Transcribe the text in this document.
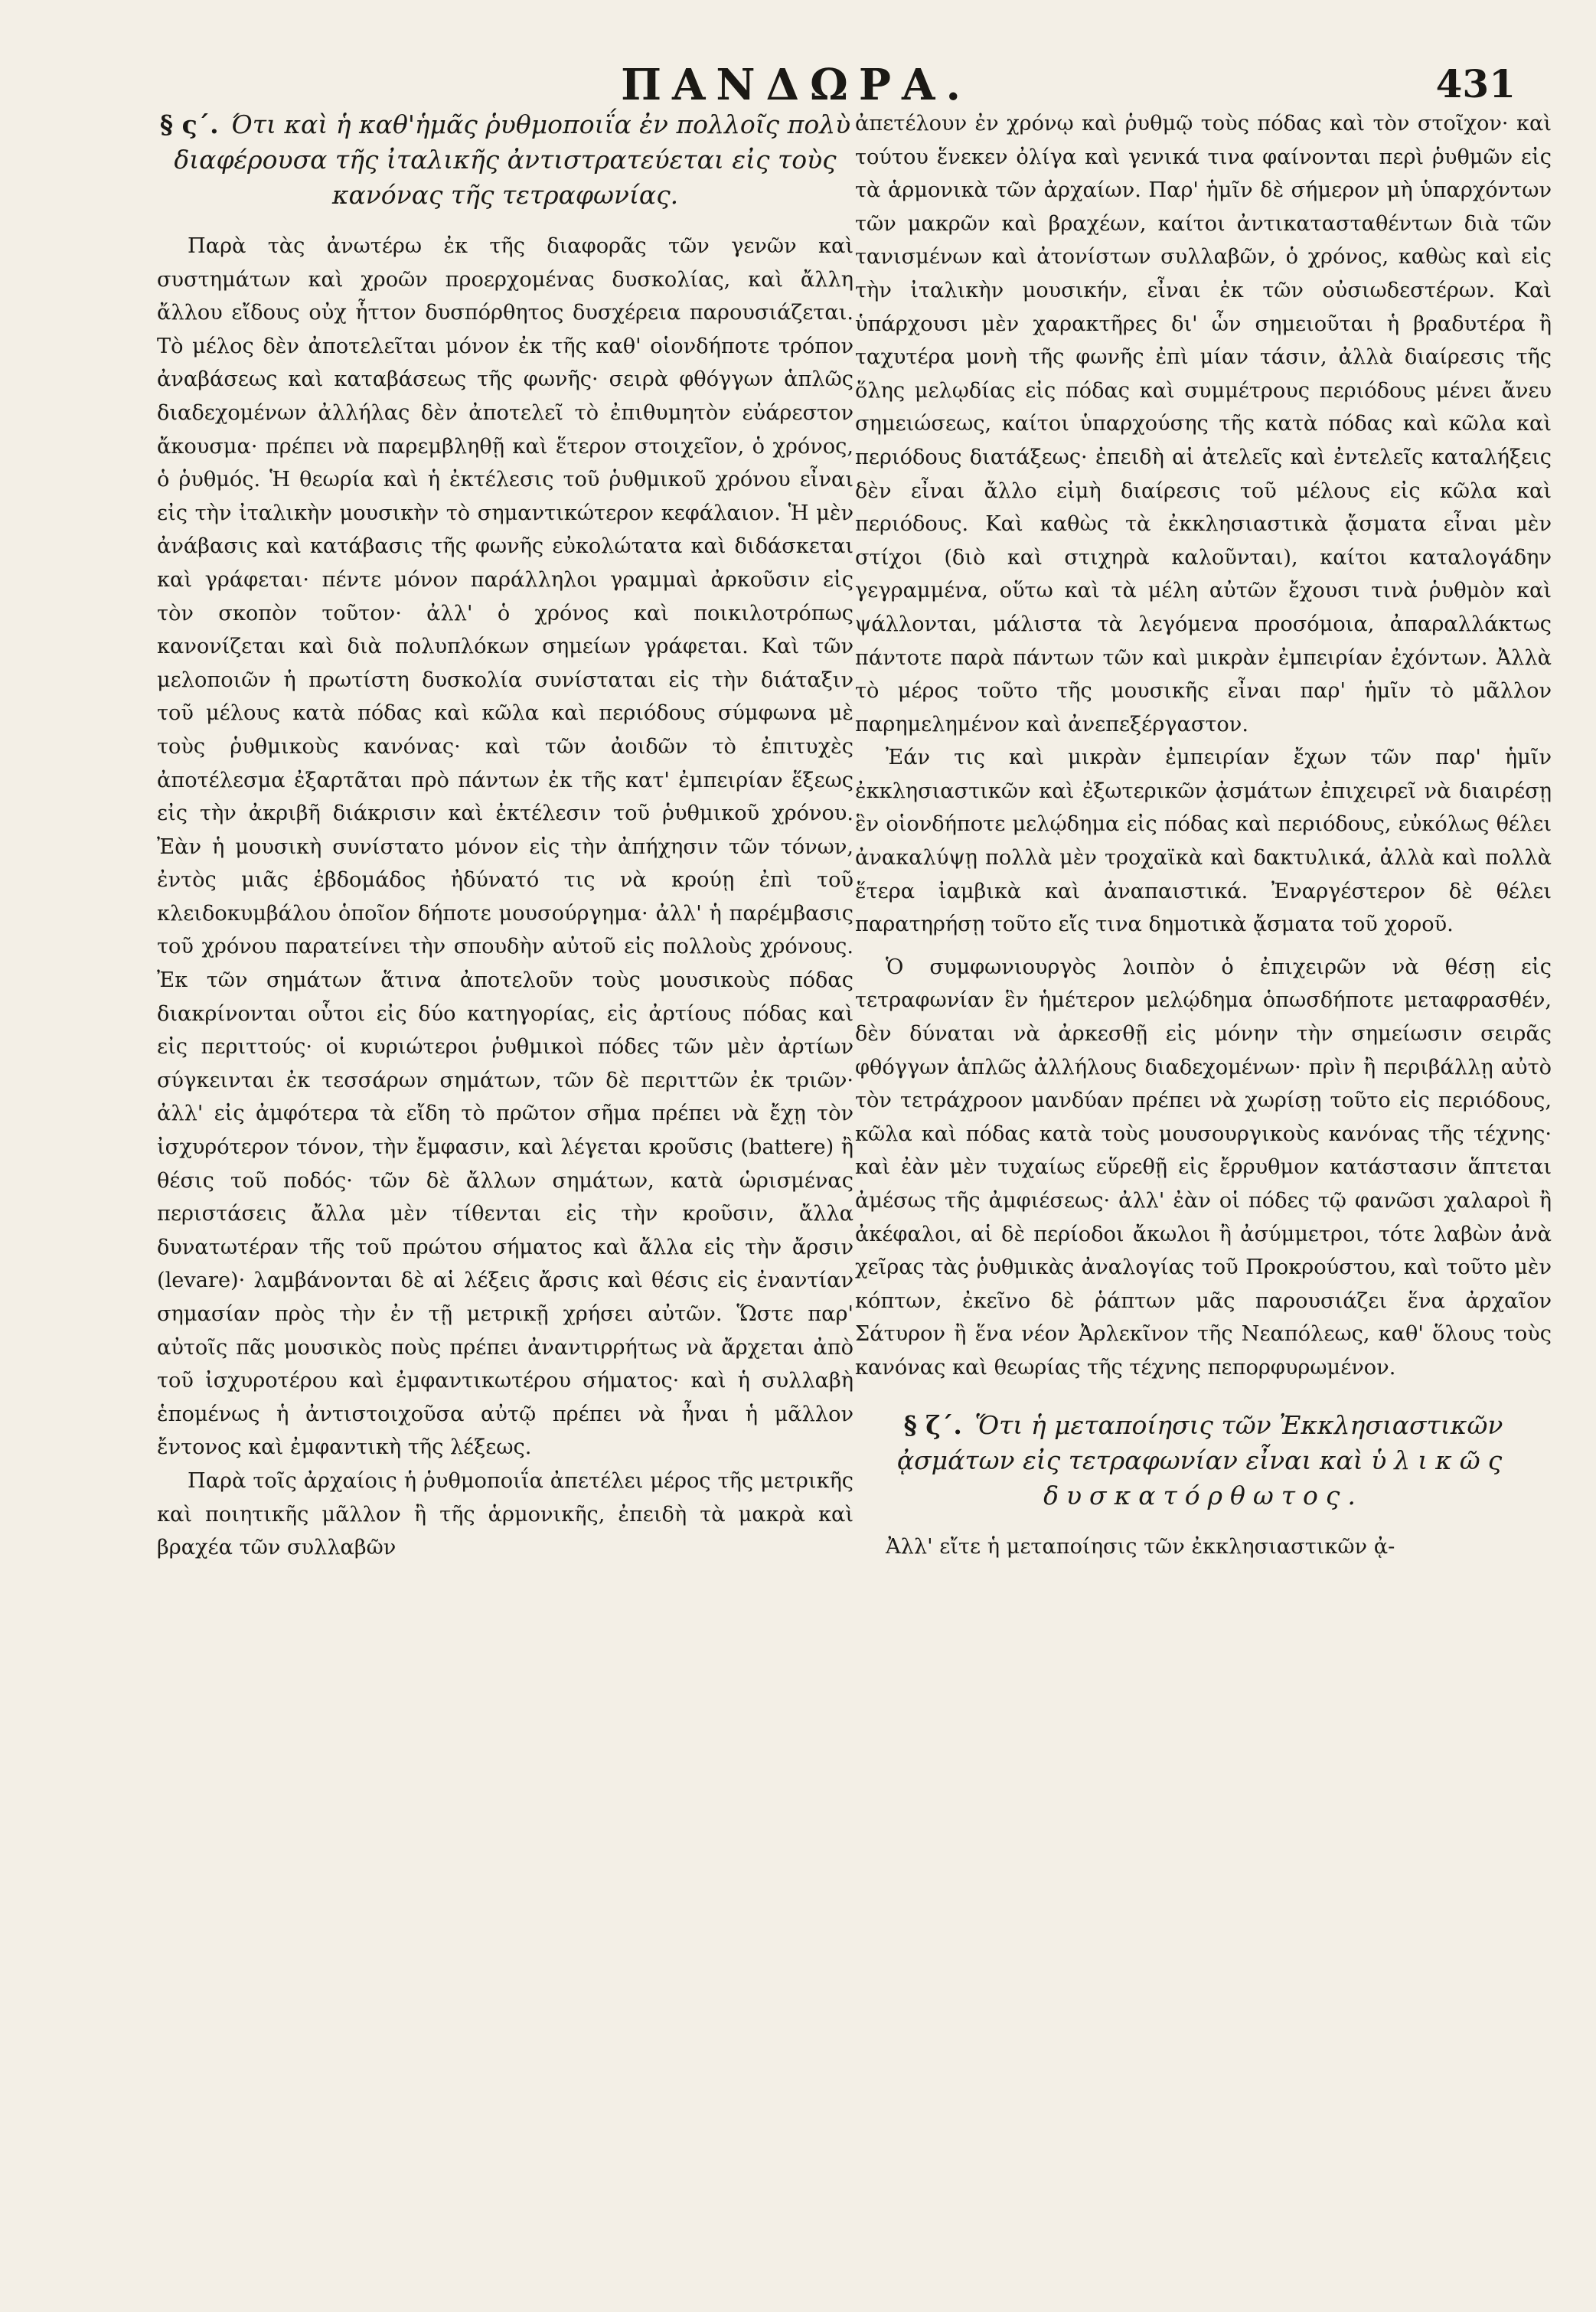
ΠΑΝΔΩΡΑ.	431
§ ς΄. Ότι καὶ ἡ καθ'ἡμᾶς ῥυθμοποιΐα ἐν πολλοῖς πολὺ διαφέρουσα τῆς ἰταλικῆς ἀντιστρατεύεται εἰς τοὺς κανόνας τῆς τετραφωνίας.

Παρὰ τὰς ἀνωτέρω ἐκ τῆς διαφορᾶς τῶν γενῶν καὶ συστημάτων καὶ χροῶν προερχομένας δυσκολίας, καὶ ἄλλη ἄλλου εἴδους οὐχ ἧττον δυσπόρθητος δυσχέρεια παρουσιάζεται. Τὸ μέλος δὲν ἀποτελεῖται μόνον ἐκ τῆς καθ' οἱονδήποτε τρόπον ἀναβάσεως καὶ καταβάσεως τῆς φωνῆς· σειρὰ φθόγγων ἁπλῶς διαδεχομένων ἀλλήλας δὲν ἀποτελεῖ τὸ ἐπιθυμητὸν εὐάρεστον ἄκουσμα· πρέπει νὰ παρεμβληθῇ καὶ ἕτερον στοιχεῖον, ὁ χρόνος, ὁ ῥυθμός. Ἡ θεωρία καὶ ἡ ἐκτέλεσις τοῦ ῥυθμικοῦ χρόνου εἶναι εἰς τὴν ἰταλικὴν μουσικὴν τὸ σημαντικώτερον κεφάλαιον. Ἡ μὲν ἀνάβασις καὶ κατάβασις τῆς φωνῆς εὐκολώτατα καὶ διδάσκεται καὶ γράφεται· πέντε μόνον παράλληλοι γραμμαὶ ἀρκοῦσιν εἰς τὸν σκοπὸν τοῦτον· ἀλλ' ὁ χρόνος καὶ ποικιλοτρόπως κανονίζεται καὶ διὰ πολυπλόκων σημείων γράφεται. Καὶ τῶν μελοποιῶν ἡ πρωτίστη δυσκολία συνίσταται εἰς τὴν διάταξιν τοῦ μέλους κατὰ πόδας καὶ κῶλα καὶ περιόδους σύμφωνα μὲ τοὺς ῥυθμικοὺς κανόνας· καὶ τῶν ἀοιδῶν τὸ ἐπιτυχὲς ἀποτέλεσμα ἐξαρτᾶται πρὸ πάντων ἐκ τῆς κατ' ἐμπειρίαν ἕξεως εἰς τὴν ἀκριβῆ διάκρισιν καὶ ἐκτέλεσιν τοῦ ῥυθμικοῦ χρόνου. Ἐὰν ἡ μουσικὴ συνίστατο μόνον εἰς τὴν ἀπήχησιν τῶν τόνων, ἐντὸς μιᾶς ἑβδομάδος ἠδύνατό τις νὰ κρούῃ ἐπὶ τοῦ κλειδοκυμβάλου ὁποῖον δήποτε μουσούργημα· ἀλλ' ἡ παρέμβασις τοῦ χρόνου παρατείνει τὴν σπουδὴν αὐτοῦ εἰς πολλοὺς χρόνους. Ἐκ τῶν σημάτων ἅτινα ἀποτελοῦν τοὺς μουσικοὺς πόδας διακρίνονται οὗτοι εἰς δύο κατηγορίας, εἰς ἀρτίους πόδας καὶ εἰς περιττούς· οἱ κυριώτεροι ῥυθμικοὶ πόδες τῶν μὲν ἀρτίων σύγκεινται ἐκ τεσσάρων σημάτων, τῶν δὲ περιττῶν ἐκ τριῶν· ἀλλ' εἰς ἀμφότερα τὰ εἴδη τὸ πρῶτον σῆμα πρέπει νὰ ἔχῃ τὸν ἰσχυρότερον τόνον, τὴν ἔμφασιν, καὶ λέγεται κροῦσις (battere) ἢ θέσις τοῦ ποδός· τῶν δὲ ἄλλων σημάτων, κατὰ ὡρισμένας περιστάσεις ἄλλα μὲν τίθενται εἰς τὴν κροῦσιν, ἄλλα δυνατωτέραν τῆς τοῦ πρώτου σήματος καὶ ἄλλα εἰς τὴν ἄρσιν (levare)· λαμβάνονται δὲ αἱ λέξεις ἄρσις καὶ θέσις εἰς ἐναντίαν σημασίαν πρὸς τὴν ἐν τῇ μετρικῇ χρήσει αὐτῶν. Ὥστε παρ' αὐτοῖς πᾶς μουσικὸς ποὺς πρέπει ἀναντιρρήτως νὰ ἄρχεται ἀπὸ τοῦ ἰσχυροτέρου καὶ ἐμφαντικωτέρου σήματος· καὶ ἡ συλλαβὴ ἑπομένως ἡ ἀντιστοιχοῦσα αὐτῷ πρέπει νὰ ἦναι ἡ μᾶλλον ἔντονος καὶ ἐμφαντικὴ τῆς λέξεως.

Παρὰ τοῖς ἀρχαίοις ἡ ῥυθμοποιΐα ἀπετέλει μέρος τῆς μετρικῆς καὶ ποιητικῆς μᾶλλον ἢ τῆς ἁρμονικῆς, ἐπειδὴ τὰ μακρὰ καὶ βραχέα τῶν συλλαβῶν

ἀπετέλουν ἐν χρόνῳ καὶ ῥυθμῷ τοὺς πόδας καὶ τὸν στοῖχον· καὶ τούτου ἕνεκεν ὀλίγα καὶ γενικά τινα φαίνονται περὶ ῥυθμῶν εἰς τὰ ἁρμονικὰ τῶν ἀρχαίων. Παρ' ἡμῖν δὲ σήμερον μὴ ὑπαρχόντων τῶν μακρῶν καὶ βραχέων, καίτοι ἀντικατασταθέντων διὰ τῶν τανισμένων καὶ ἀτονίστων συλλαβῶν, ὁ χρόνος, καθὼς καὶ εἰς τὴν ἰταλικὴν μουσικήν, εἶναι ἐκ τῶν οὐσιωδεστέρων. Καὶ ὑπάρχουσι μὲν χαρακτῆρες δι' ὧν σημειοῦται ἡ βραδυτέρα ἢ ταχυτέρα μονὴ τῆς φωνῆς ἐπὶ μίαν τάσιν, ἀλλὰ διαίρεσις τῆς ὅλης μελῳδίας εἰς πόδας καὶ συμμέτρους περιόδους μένει ἄνευ σημειώσεως, καίτοι ὑπαρχούσης τῆς κατὰ πόδας καὶ κῶλα καὶ περιόδους διατάξεως· ἐπειδὴ αἱ ἀτελεῖς καὶ ἐντελεῖς καταλήξεις δὲν εἶναι ἄλλο εἰμὴ διαίρεσις τοῦ μέλους εἰς κῶλα καὶ περιόδους. Καὶ καθὼς τὰ ἐκκλησιαστικὰ ᾄσματα εἶναι μὲν στίχοι (διὸ καὶ στιχηρὰ καλοῦνται), καίτοι καταλογάδην γεγραμμένα, οὕτω καὶ τὰ μέλη αὐτῶν ἔχουσι τινὰ ῥυθμὸν καὶ ψάλλονται, μάλιστα τὰ λεγόμενα προσόμοια, ἀπαραλλάκτως πάντοτε παρὰ πάντων τῶν καὶ μικρὰν ἐμπειρίαν ἐχόντων. Ἀλλὰ τὸ μέρος τοῦτο τῆς μουσικῆς εἶναι παρ' ἡμῖν τὸ μᾶλλον παρημελημένον καὶ ἀνεπεξέργαστον.

Ἐάν τις καὶ μικρὰν ἐμπειρίαν ἔχων τῶν παρ' ἡμῖν ἐκκλησιαστικῶν καὶ ἐξωτερικῶν ᾀσμάτων ἐπιχειρεῖ νὰ διαιρέσῃ ἓν οἱονδήποτε μελῴδημα εἰς πόδας καὶ περιόδους, εὐκόλως θέλει ἀνακαλύψῃ πολλὰ μὲν τροχαϊκὰ καὶ δακτυλικά, ἀλλὰ καὶ πολλὰ ἕτερα ἰαμβικὰ καὶ ἀναπαιστικά. Ἐναργέστερον δὲ θέλει παρατηρήσῃ τοῦτο εἴς τινα δημοτικὰ ᾄσματα τοῦ χοροῦ.

Ὁ συμφωνιουργὸς λοιπὸν ὁ ἐπιχειρῶν νὰ θέσῃ εἰς τετραφωνίαν ἓν ἡμέτερον μελῴδημα ὁπωσδήποτε μεταφρασθέν, δὲν δύναται νὰ ἀρκεσθῇ εἰς μόνην τὴν σημείωσιν σειρᾶς φθόγγων ἁπλῶς ἀλλήλους διαδεχομένων· πρὶν ἢ περιβάλλῃ αὐτὸ τὸν τετράχροον μανδύαν πρέπει νὰ χωρίσῃ τοῦτο εἰς περιόδους, κῶλα καὶ πόδας κατὰ τοὺς μουσουργικοὺς κανόνας τῆς τέχνης· καὶ ἐὰν μὲν τυχαίως εὕρεθῇ εἰς ἔρρυθμον κατάστασιν ἅπτεται ἀμέσως τῆς ἀμφιέσεως· ἀλλ' ἐὰν οἱ πόδες τῷ φανῶσι χαλαροὶ ἢ ἀκέφαλοι, αἱ δὲ περίοδοι ἄκωλοι ἢ ἀσύμμετροι, τότε λαβὼν ἀνὰ χεῖρας τὰς ῥυθμικὰς ἀναλογίας τοῦ Προκρούστου, καὶ τοῦτο μὲν κόπτων, ἐκεῖνο δὲ ῥάπτων μᾶς παρουσιάζει ἕνα ἀρχαῖον Σάτυρον ἢ ἕνα νέον Ἀρλεκῖνον τῆς Νεαπόλεως, καθ' ὅλους τοὺς κανόνας καὶ θεωρίας τῆς τέχνης πεπορφυρωμένον.

§ ζ΄. Ὅτι ἡ μεταποίησις τῶν Ἐκκλησιαστικῶν ᾀσμάτων εἰς τετραφωνίαν εἶναι καὶ ὑλικῶς δυσκατόρθωτος.

Ἀλλ' εἴτε ἡ μεταποίησις τῶν ἐκκλησιαστικῶν ᾀ-
